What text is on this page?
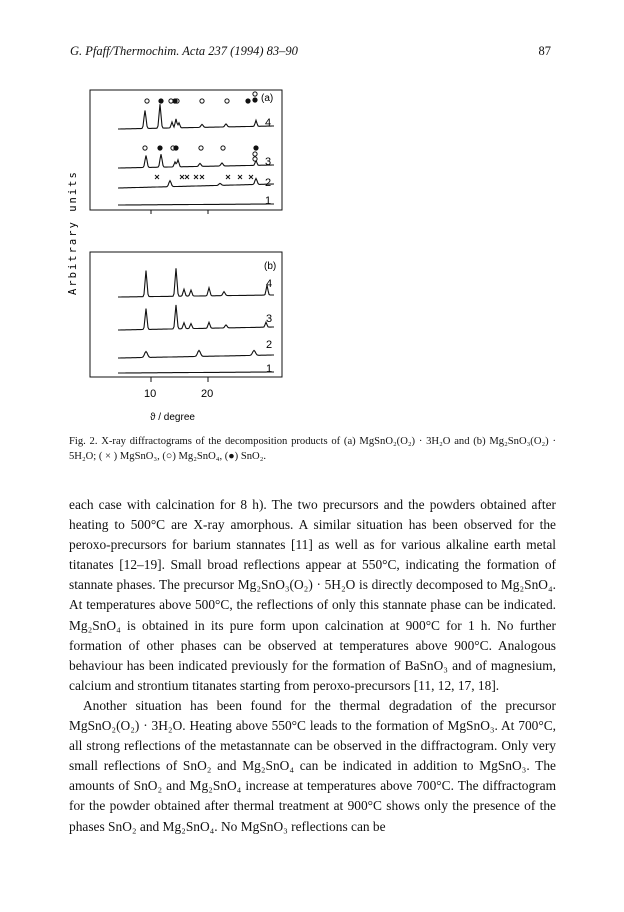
G. Pfaff/Thermochim. Acta 237 (1994) 83–90	87
Arbitrary units
(a)
(b)
4
3
2
1
4
3
2
1
10	20
ϑ / degree
Fig. 2. X-ray diffractograms of the decomposition products of (a) MgSnO₂(O₂) · 3H₂O and (b) Mg₂SnO₃(O₂) · 5H₂O; ( × ) MgSnO₃, (○) Mg₂SnO₄, (●) SnO₂.

each case with calcination for 8 h). The two precursors and the powders obtained after heating to 500°C are X-ray amorphous. A similar situation has been observed for the peroxo-precursors for barium stannates [11] as well as for various alkaline earth metal titanates [12–19]. Small broad reflections appear at 550°C, indicating the formation of stannate phases. The precursor Mg₂SnO₃(O₂) · 5H₂O is directly decomposed to Mg₂SnO₄. At temperatures above 500°C, the reflections of only this stannate phase can be indicated. Mg₂SnO₄ is obtained in its pure form upon calcination at 900°C for 1 h. No further formation of other phases can be observed at temperatures above 900°C. Analogous behaviour has been indicated previously for the formation of BaSnO₃ and of magnesium, calcium and strontium titanates starting from peroxo-precursors [11, 12, 17, 18].

Another situation has been found for the thermal degradation of the precursor MgSnO₂(O₂) · 3H₂O. Heating above 550°C leads to the formation of MgSnO₃. At 700°C, all strong reflections of the metastannate can be observed in the diffractogram. Only very small reflections of SnO₂ and Mg₂SnO₄ can be indicated in addition to MgSnO₃. The amounts of SnO₂ and Mg₂SnO₄ increase at temperatures above 700°C. The diffractogram for the powder obtained after thermal treatment at 900°C shows only the presence of the phases SnO₂ and Mg₂SnO₄. No MgSnO₃ reflections can be
